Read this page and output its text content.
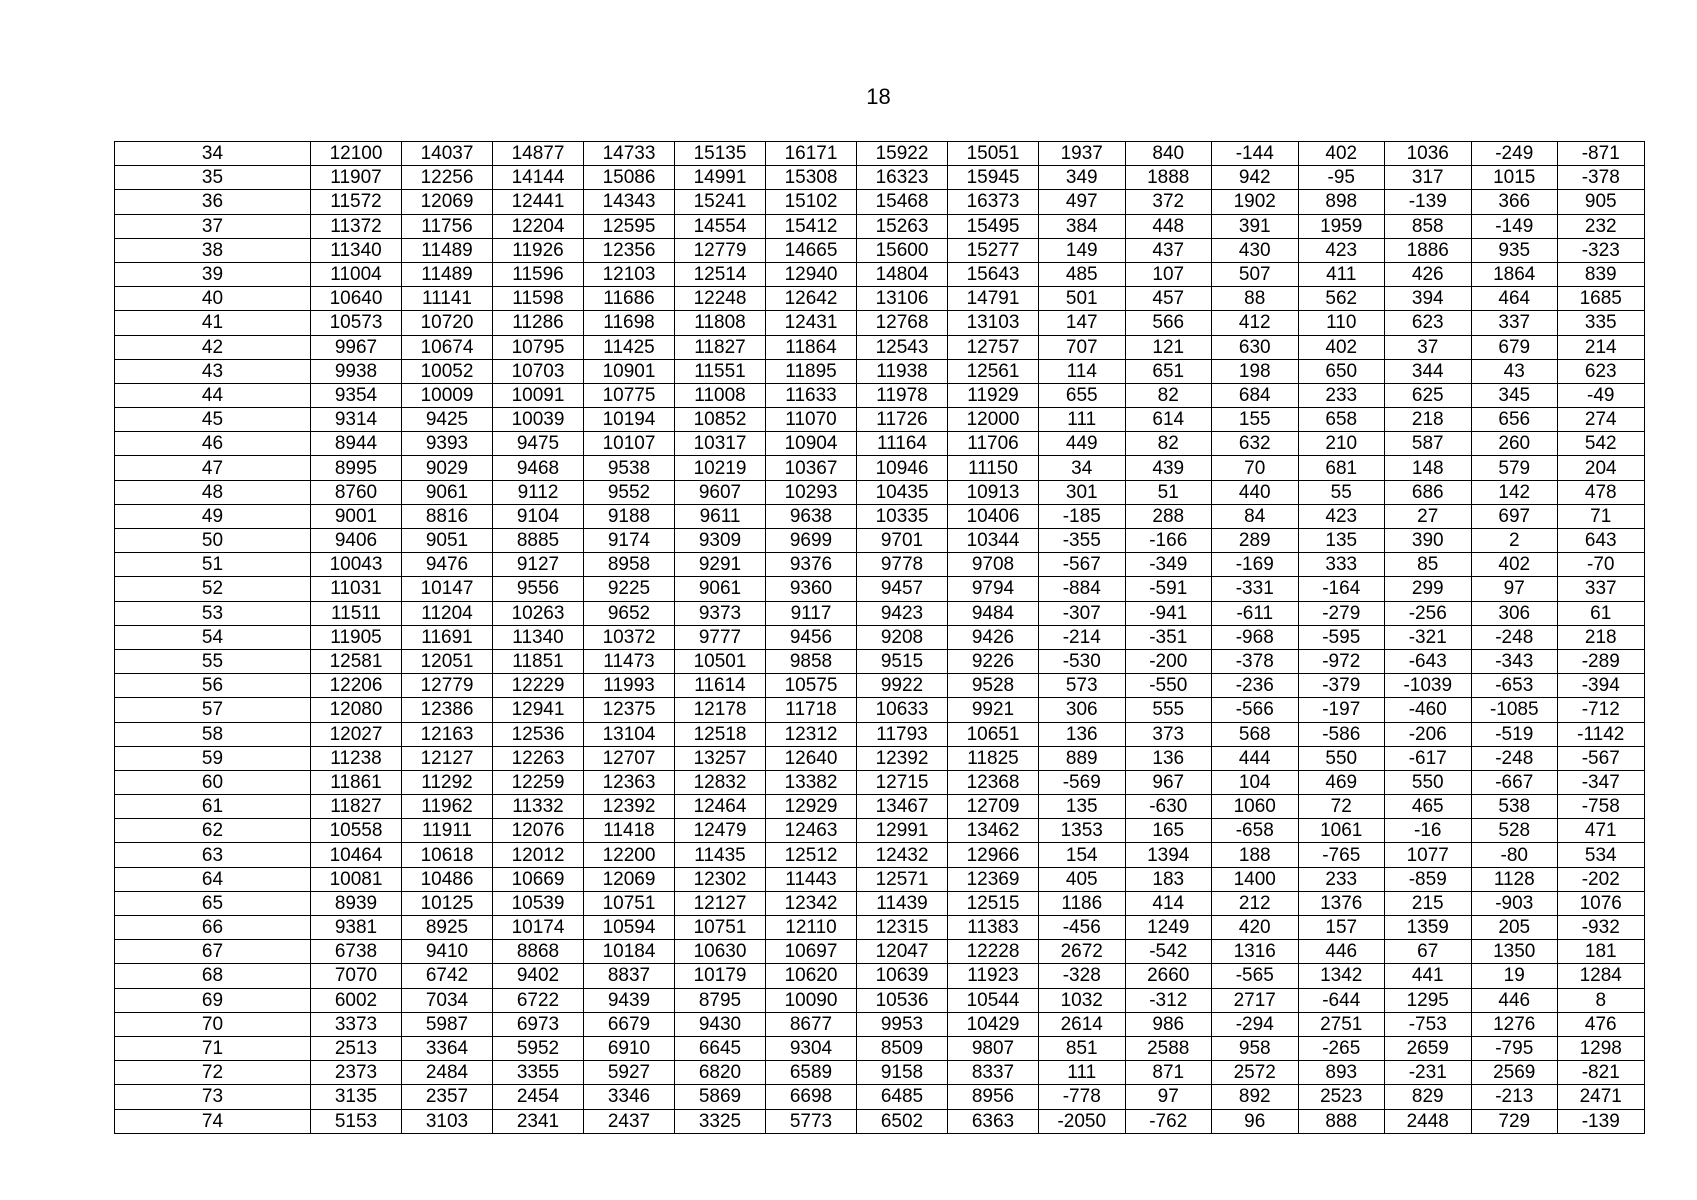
18
34	12100	14037	14877	14733	15135	16171	15922	15051	1937	840	-144	402	1036	-249	-871
35	11907	12256	14144	15086	14991	15308	16323	15945	349	1888	942	-95	317	1015	-378
36	11572	12069	12441	14343	15241	15102	15468	16373	497	372	1902	898	-139	366	905
37	11372	11756	12204	12595	14554	15412	15263	15495	384	448	391	1959	858	-149	232
38	11340	11489	11926	12356	12779	14665	15600	15277	149	437	430	423	1886	935	-323
39	11004	11489	11596	12103	12514	12940	14804	15643	485	107	507	411	426	1864	839
40	10640	11141	11598	11686	12248	12642	13106	14791	501	457	88	562	394	464	1685
41	10573	10720	11286	11698	11808	12431	12768	13103	147	566	412	110	623	337	335
42	9967	10674	10795	11425	11827	11864	12543	12757	707	121	630	402	37	679	214
43	9938	10052	10703	10901	11551	11895	11938	12561	114	651	198	650	344	43	623
44	9354	10009	10091	10775	11008	11633	11978	11929	655	82	684	233	625	345	-49
45	9314	9425	10039	10194	10852	11070	11726	12000	111	614	155	658	218	656	274
46	8944	9393	9475	10107	10317	10904	11164	11706	449	82	632	210	587	260	542
47	8995	9029	9468	9538	10219	10367	10946	11150	34	439	70	681	148	579	204
48	8760	9061	9112	9552	9607	10293	10435	10913	301	51	440	55	686	142	478
49	9001	8816	9104	9188	9611	9638	10335	10406	-185	288	84	423	27	697	71
50	9406	9051	8885	9174	9309	9699	9701	10344	-355	-166	289	135	390	2	643
51	10043	9476	9127	8958	9291	9376	9778	9708	-567	-349	-169	333	85	402	-70
52	11031	10147	9556	9225	9061	9360	9457	9794	-884	-591	-331	-164	299	97	337
53	11511	11204	10263	9652	9373	9117	9423	9484	-307	-941	-611	-279	-256	306	61
54	11905	11691	11340	10372	9777	9456	9208	9426	-214	-351	-968	-595	-321	-248	218
55	12581	12051	11851	11473	10501	9858	9515	9226	-530	-200	-378	-972	-643	-343	-289
56	12206	12779	12229	11993	11614	10575	9922	9528	573	-550	-236	-379	-1039	-653	-394
57	12080	12386	12941	12375	12178	11718	10633	9921	306	555	-566	-197	-460	-1085	-712
58	12027	12163	12536	13104	12518	12312	11793	10651	136	373	568	-586	-206	-519	-1142
59	11238	12127	12263	12707	13257	12640	12392	11825	889	136	444	550	-617	-248	-567
60	11861	11292	12259	12363	12832	13382	12715	12368	-569	967	104	469	550	-667	-347
61	11827	11962	11332	12392	12464	12929	13467	12709	135	-630	1060	72	465	538	-758
62	10558	11911	12076	11418	12479	12463	12991	13462	1353	165	-658	1061	-16	528	471
63	10464	10618	12012	12200	11435	12512	12432	12966	154	1394	188	-765	1077	-80	534
64	10081	10486	10669	12069	12302	11443	12571	12369	405	183	1400	233	-859	1128	-202
65	8939	10125	10539	10751	12127	12342	11439	12515	1186	414	212	1376	215	-903	1076
66	9381	8925	10174	10594	10751	12110	12315	11383	-456	1249	420	157	1359	205	-932
67	6738	9410	8868	10184	10630	10697	12047	12228	2672	-542	1316	446	67	1350	181
68	7070	6742	9402	8837	10179	10620	10639	11923	-328	2660	-565	1342	441	19	1284
69	6002	7034	6722	9439	8795	10090	10536	10544	1032	-312	2717	-644	1295	446	8
70	3373	5987	6973	6679	9430	8677	9953	10429	2614	986	-294	2751	-753	1276	476
71	2513	3364	5952	6910	6645	9304	8509	9807	851	2588	958	-265	2659	-795	1298
72	2373	2484	3355	5927	6820	6589	9158	8337	111	871	2572	893	-231	2569	-821
73	3135	2357	2454	3346	5869	6698	6485	8956	-778	97	892	2523	829	-213	2471
74	5153	3103	2341	2437	3325	5773	6502	6363	-2050	-762	96	888	2448	729	-139
